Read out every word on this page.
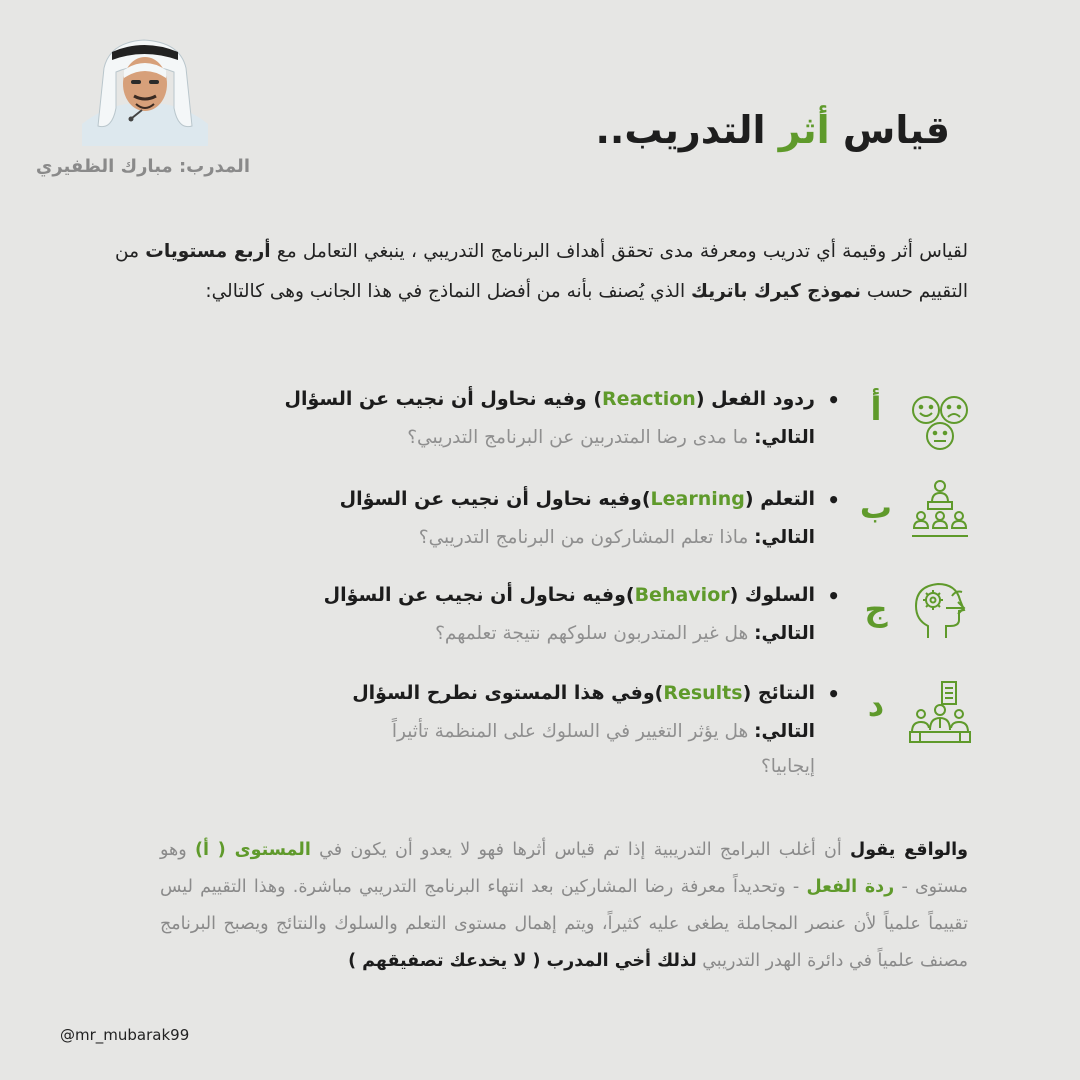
المدرب: مبارك الظفيري
قياس أثر التدريب..
لقياس أثر وقيمة أي تدريب ومعرفة مدى تحقق أهداف البرنامج التدريبي ، ينبغي التعامل مع أربع مستويات من التقييم حسب نموذج كيرك باتريك الذي يُصنف بأنه من أفضل النماذج في هذا الجانب وهى كالتالي:
•
ردود الفعل (Reaction) وفيه نحاول أن نجيب عن السؤال
التالي: ما مدى رضا المتدربين عن البرنامج التدريبي؟
أ
•
التعلم (Learning)وفيه نحاول أن نجيب عن السؤال
التالي: ماذا تعلم المشاركون من البرنامج التدريبي؟
ب
•
السلوك (Behavior)وفيه نحاول أن نجيب عن السؤال
التالي: هل غير المتدربون سلوكهم نتيجة تعلمهم؟
ج
•
النتائج (Results)وفي هذا المستوى نطرح السؤال
التالي: هل يؤثر التغيير في السلوك على المنظمة تأثيراً إيجابيا؟
د
والواقع يقول أن أغلب البرامج التدريبية إذا تم قياس أثرها فهو لا يعدو أن يكون في المستوى ( أ) وهو مستوى - ردة الفعل - وتحديداً معرفة رضا المشاركين بعد انتهاء البرنامج التدريبي مباشرة. وهذا التقييم ليس تقييماً علمياً لأن عنصر المجاملة يطغى عليه كثيراً، ويتم إهمال مستوى التعلم والسلوك والنتائج ويصبح البرنامج مصنف علمياً في دائرة الهدر التدريبي لذلك أخي المدرب ( لا يخدعك تصفيقهم )
@mr_mubarak99
